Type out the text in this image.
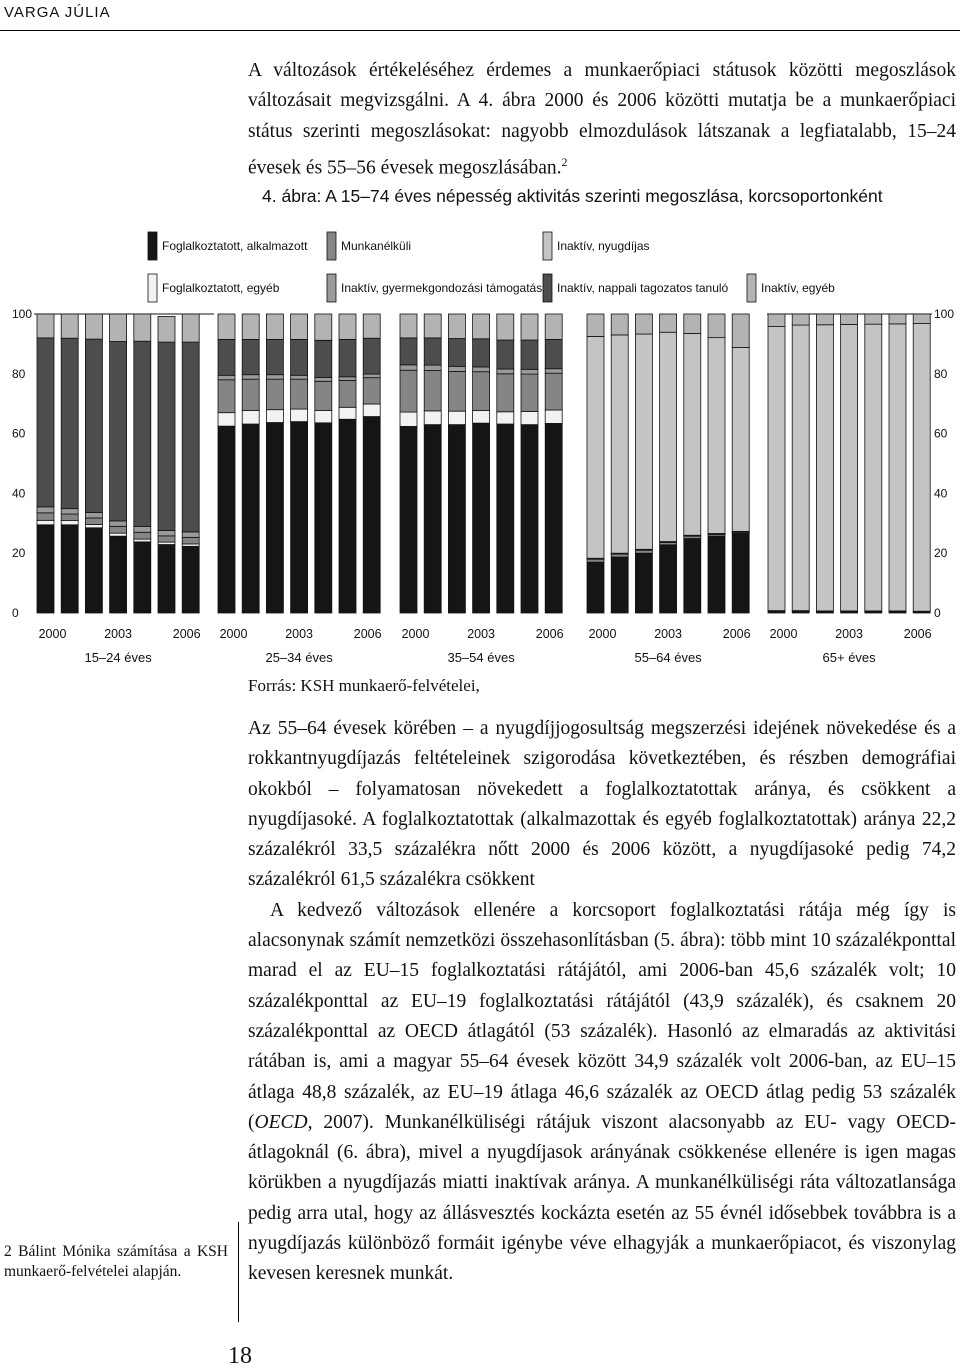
VARGA JÚLIA

A változások értékeléséhez érdemes a munkaerőpiaci státusok közötti megoszlások változásait megvizsgálni. A 4. ábra 2000 és 2006 közötti mutatja be a munkaerőpiaci státus szerinti megoszlásokat: nagyobb elmozdulások látszanak a legfiatalabb, 15–24 évesek és 55–56 évesek megoszlásában.$^2$

4. ábra: A 15–74 éves népesség aktivitás szerinti megoszlása, korcsoportonként
Foglalkoztatott, alkalmazott
Foglalkoztatott, egyéb
Munkanélküli
Inaktív, gyermekgondozási támogatás Inaktív, nappali tagozatos tanuló
Inaktív, nyugdíjas
Inaktív, egyéb
0	0
20	20
40	40
60	60
80	80
100	100
2000	2003	2006
15–24 éves
2000	2003	2006
25–34 éves
2000	2003	2006
35–54 éves
2000	2003	2006
55–64 éves
2000	2003	2006
65+ éves
Forrás: KSH munkaerő-felvételei,

Az 55–64 évesek körében – a nyugdíjjogosultság megszerzési idejének növekedése és a rokkantnyugdíjazás feltételeinek szigorodása következtében, és részben demográfiai okokból – folyamatosan növekedett a foglalkoztatottak aránya, és csökkent a nyugdíjasoké. A foglalkoztatottak (alkalmazottak és egyéb foglalkoztatottak) aránya 22,2 százalékról 33,5 százalékra nőtt 2000 és 2006 között, a nyugdíjasoké pedig 74,2 százalékról 61,5 százalékra csökkent
A kedvező változások ellenére a korcsoport foglalkoztatási rátája még így is alacsonynak számít nemzetközi összehasonlításban (5. ábra): több mint 10 százalékponttal marad el az EU–15 foglalkoztatási rátájától, ami 2006-ban 45,6 százalék volt; 10 százalékponttal az EU–19 foglalkoztatási rátájától (43,9 százalék), és csaknem 20 százalékponttal az OECD átlagától (53 százalék). Hasonló az elmaradás az aktivitási rátában is, ami a magyar 55–64 évesek között 34,9 százalék volt 2006-ban, az EU–15 átlaga 48,8 százalék, az EU–19 átlaga 46,6 százalék az OECD átlag pedig 53 százalék (OECD, 2007). Munkanélküliségi rátájuk viszont alacsonyabb az EU- vagy OECD-átlagoknál (6. ábra), mivel a nyugdíjasok arányának csökkenése ellenére is igen magas körükben a nyugdíjazás miatti inaktívak aránya. A munkanélküliségi ráta változatlansága pedig arra utal, hogy az állásvesztés kockázta esetén az 55 évnél idősebbek továbbra is a nyugdíjazás különböző formáit igénybe véve elhagyják a munkaerőpiacot, és viszonylag kevesen keresnek munkát.

2 Bálint Mónika számítása a KSH munkaerő-felvételei alapján.

18
